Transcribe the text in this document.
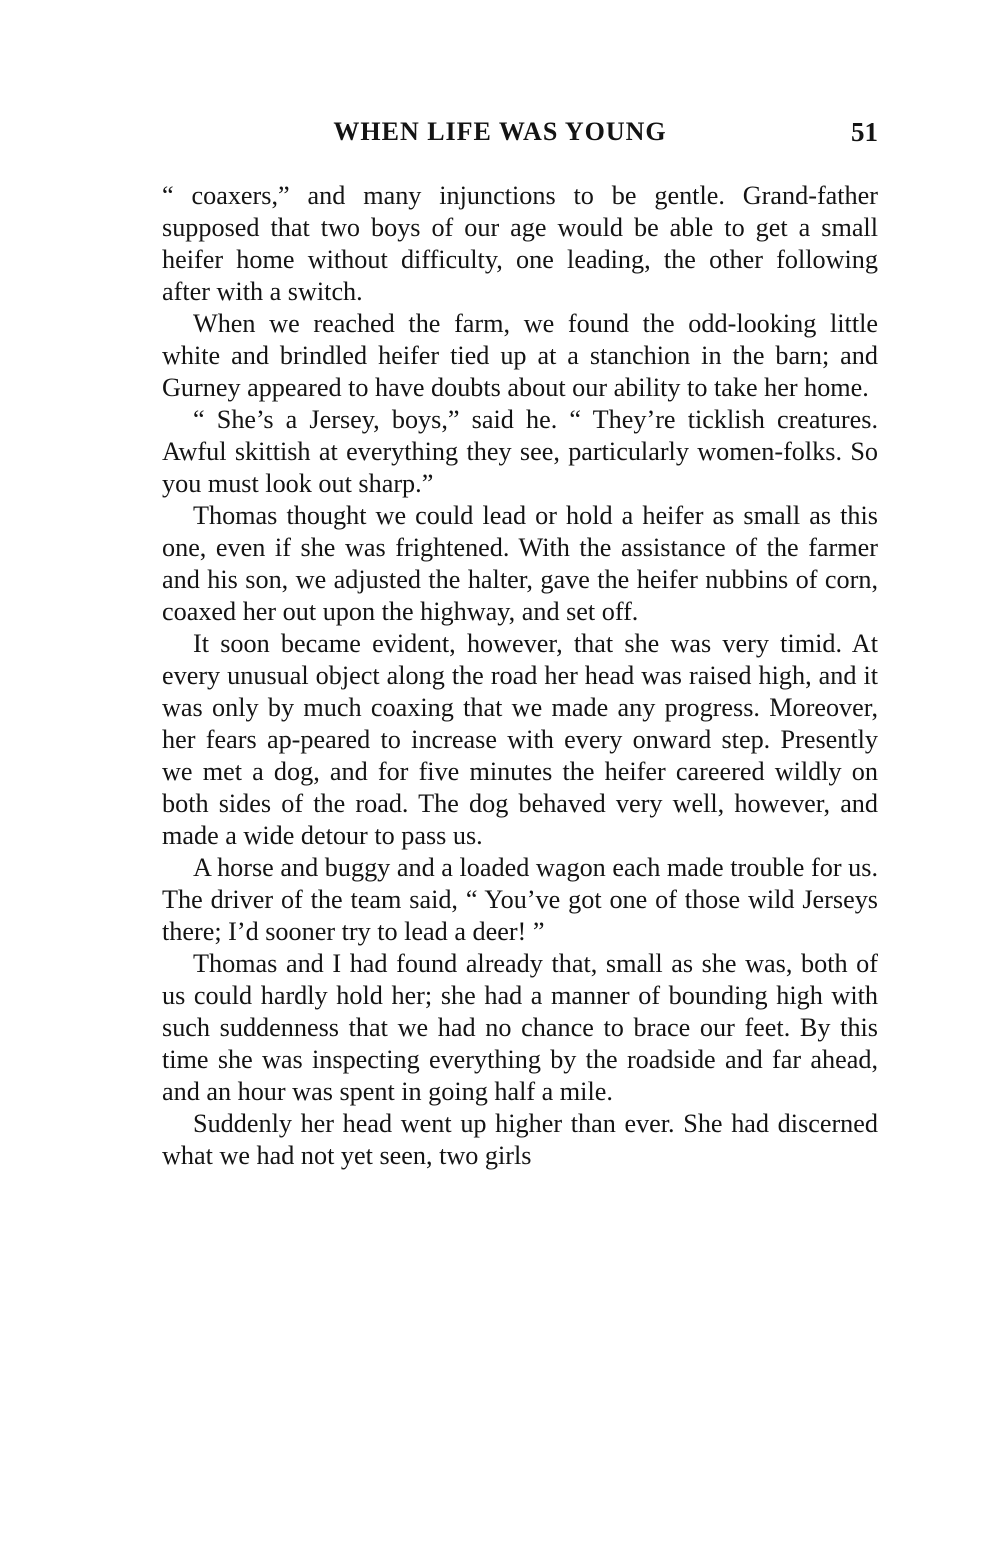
WHEN LIFE WAS YOUNG	51

“ coaxers,” and many injunctions to be gentle. Grand-father supposed that two boys of our age would be able to get a small heifer home without difficulty, one leading, the other following after with a switch.

When we reached the farm, we found the odd-looking little white and brindled heifer tied up at a stanchion in the barn; and Gurney appeared to have doubts about our ability to take her home.

“ She’s a Jersey, boys,” said he. “ They’re ticklish creatures. Awful skittish at everything they see, particularly women-folks. So you must look out sharp.”

Thomas thought we could lead or hold a heifer as small as this one, even if she was frightened. With the assistance of the farmer and his son, we adjusted the halter, gave the heifer nubbins of corn, coaxed her out upon the highway, and set off.

It soon became evident, however, that she was very timid. At every unusual object along the road her head was raised high, and it was only by much coaxing that we made any progress. Moreover, her fears ap-peared to increase with every onward step. Presently we met a dog, and for five minutes the heifer careered wildly on both sides of the road. The dog behaved very well, however, and made a wide detour to pass us.

A horse and buggy and a loaded wagon each made trouble for us. The driver of the team said, “ You’ve got one of those wild Jerseys there; I’d sooner try to lead a deer! ”

Thomas and I had found already that, small as she was, both of us could hardly hold her; she had a manner of bounding high with such suddenness that we had no chance to brace our feet. By this time she was inspecting everything by the roadside and far ahead, and an hour was spent in going half a mile.

Suddenly her head went up higher than ever. She had discerned what we had not yet seen, two girls
